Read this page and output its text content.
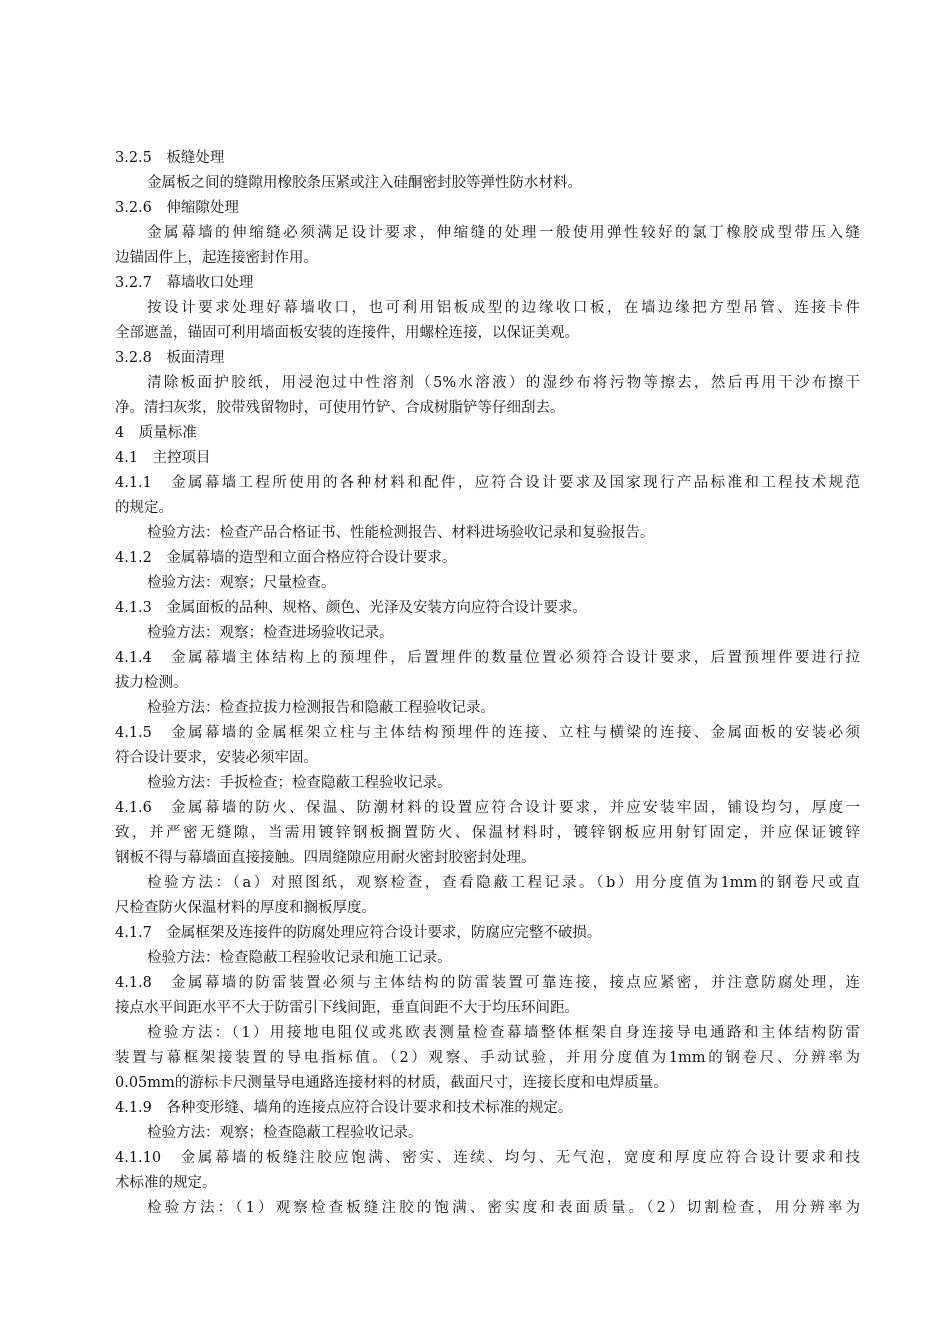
3.2.5　板缝处理
金属板之间的缝隙用橡胶条压紧或注入硅酮密封胶等弹性防水材料。
3.2.6　伸缩隙处理
金属幕墙的伸缩缝必须满足设计要求，伸缩缝的处理一般使用弹性较好的氯丁橡胶成型带压入缝
边锚固件上，起连接密封作用。
3.2.7　幕墙收口处理
按设计要求处理好幕墙收口，也可利用铝板成型的边缘收口板，在墙边缘把方型吊管、连接卡件
全部遮盖，锚固可利用墙面板安装的连接件，用螺栓连接，以保证美观。
3.2.8　板面清理
清除板面护胶纸，用浸泡过中性溶剂（5%水溶液）的湿纱布将污物等擦去，然后再用干沙布擦干
净。清扫灰浆，胶带残留物时，可使用竹铲、合成树脂铲等仔细刮去。
4　质量标准
4.1　主控项目
4.1.1　金属幕墙工程所使用的各种材料和配件，应符合设计要求及国家现行产品标准和工程技术规范
的规定。
检验方法：检查产品合格证书、性能检测报告、材料进场验收记录和复验报告。
4.1.2　金属幕墙的造型和立面合格应符合设计要求。
检验方法：观察；尺量检查。
4.1.3　金属面板的品种、规格、颜色、光泽及安装方向应符合设计要求。
检验方法：观察；检查进场验收记录。
4.1.4　金属幕墙主体结构上的预埋件，后置埋件的数量位置必须符合设计要求，后置预埋件要进行拉
拔力检测。
检验方法：检查拉拔力检测报告和隐蔽工程验收记录。
4.1.5　金属幕墙的金属框架立柱与主体结构预埋件的连接、立柱与横梁的连接、金属面板的安装必须
符合设计要求，安装必须牢固。
检验方法：手扳检查；检查隐蔽工程验收记录。
4.1.6　金属幕墙的防火、保温、防潮材料的设置应符合设计要求，并应安装牢固，铺设均匀，厚度一
致，并严密无缝隙，当需用镀锌钢板搁置防火、保温材料时，镀锌钢板应用射钉固定，并应保证镀锌
钢板不得与幕墙面直接接触。四周缝隙应用耐火密封胶密封处理。
检验方法：（a）对照图纸，观察检查，查看隐蔽工程记录。（b）用分度值为1mm的钢卷尺或直
尺检查防火保温材料的厚度和搁板厚度。
4.1.7　金属框架及连接件的防腐处理应符合设计要求，防腐应完整不破损。
检验方法：检查隐蔽工程验收记录和施工记录。
4.1.8　金属幕墙的防雷装置必须与主体结构的防雷装置可靠连接，接点应紧密，并注意防腐处理，连
接点水平间距水平不大于防雷引下线间距，垂直间距不大于均压环间距。
检验方法：（1）用接地电阻仪或兆欧表测量检查幕墙整体框架自身连接导电通路和主体结构防雷
装置与幕框架接装置的导电指标值。（2）观察、手动试验，并用分度值为1mm的钢卷尺、分辨率为
0.05mm的游标卡尺测量导电通路连接材料的材质，截面尺寸，连接长度和电焊质量。
4.1.9　各种变形缝、墙角的连接点应符合设计要求和技术标准的规定。
检验方法：观察；检查隐蔽工程验收记录。
4.1.10　金属幕墙的板缝注胶应饱满、密实、连续、均匀、无气泡，宽度和厚度应符合设计要求和技
术标准的规定。
检验方法：（1）观察检查板缝注胶的饱满、密实度和表面质量。（2）切割检查，用分辨率为
